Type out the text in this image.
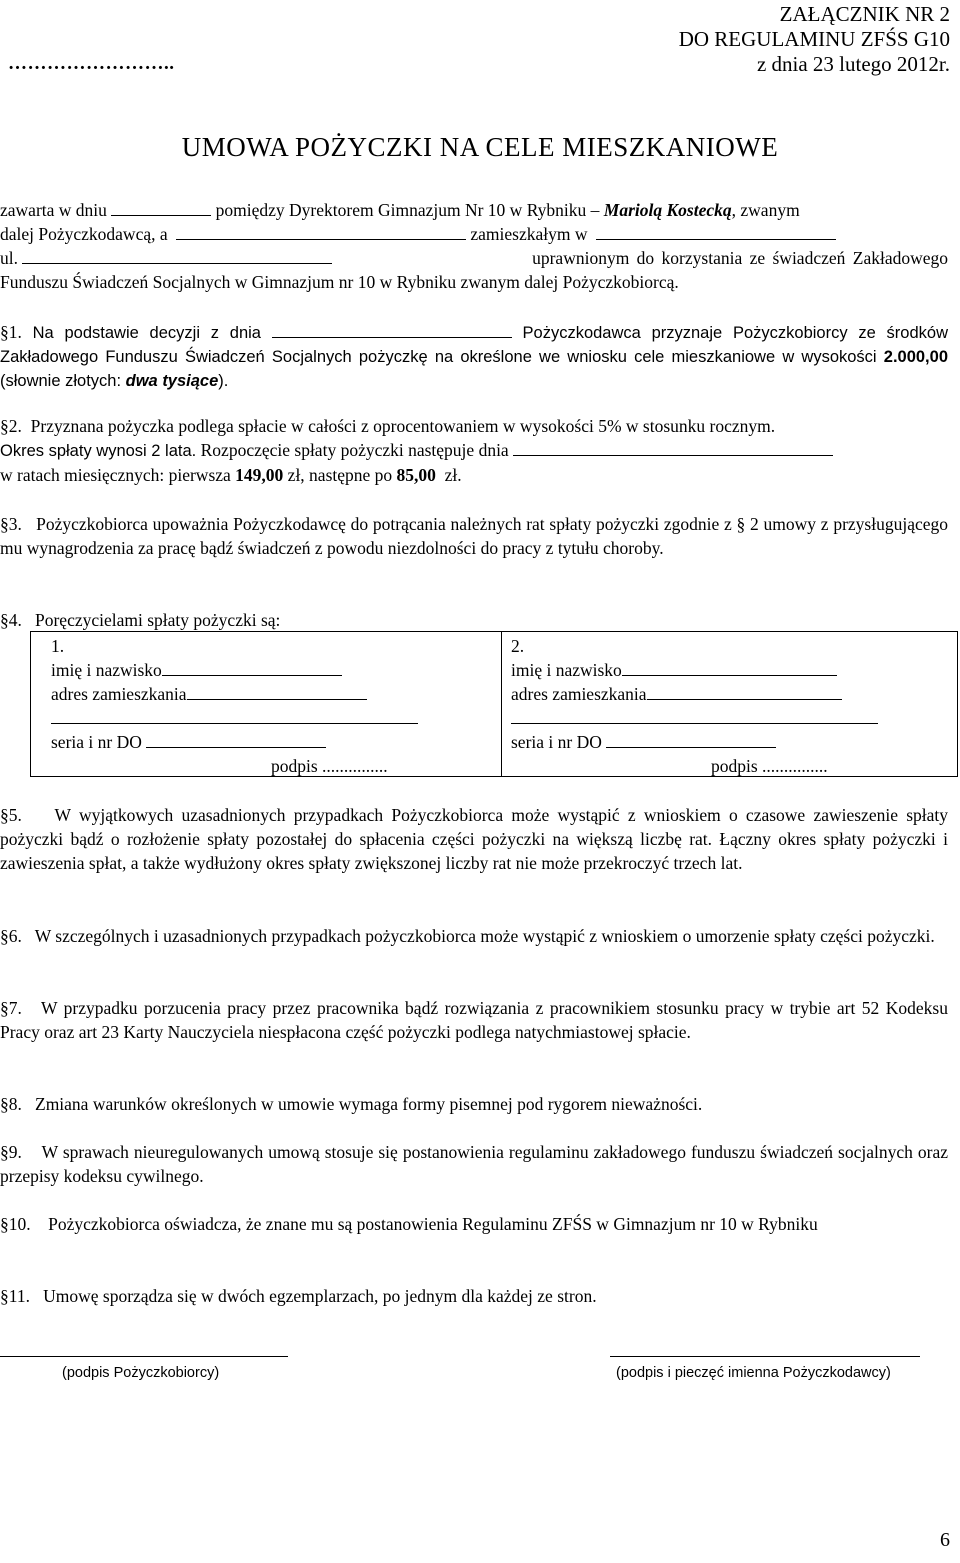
ZAŁĄCZNIK NR 2
DO REGULAMINU ZFŚS G10
z dnia 23 lutego 2012r.
……………………..
UMOWA POŻYCZKI NA CELE MIESZKANIOWE
zawarta w dniu	pomiędzy Dyrektorem Gimnazjum Nr 10 w Rybniku – Mariolą Kostecką, zwanym
dalej Pożyczkodawcą, a	zamieszkałym w
ul.	uprawnionym do korzystania ze świadczeń Zakładowego
Funduszu Świadczeń Socjalnych w Gimnazjum nr 10 w Rybniku zwanym dalej Pożyczkobiorcą.
§1. Na podstawie decyzji z dnia	Pożyczkodawca przyznaje Pożyczkobiorcy ze środków Zakładowego Funduszu Świadczeń Socjalnych pożyczkę na określone we wniosku cele mieszkaniowe w wysokości 2.000,00 (słownie złotych: dwa tysiące).
§2. Przyznana pożyczka podlega spłacie w całości z oprocentowaniem w wysokości 5% w stosunku rocznym.
Okres spłaty wynosi 2 lata. Rozpoczęcie spłaty pożyczki następuje dnia
w ratach miesięcznych: pierwsza 149,00 zł, następne po 85,00 zł.
§3. Pożyczkobiorca upoważnia Pożyczkodawcę do potrącania należnych rat spłaty pożyczki zgodnie z § 2 umowy z przysługującego mu wynagrodzenia za pracę bądź świadczeń z powodu niezdolności do pracy z tytułu choroby.
§4. Poręczycielami spłaty pożyczki są:
1.
imię i nazwisko
adres zamieszkania
seria i nr DO
podpis ...............
2.
imię i nazwisko
adres zamieszkania
seria i nr DO
podpis ...............
§5. W wyjątkowych uzasadnionych przypadkach Pożyczkobiorca może wystąpić z wnioskiem o czasowe zawieszenie spłaty pożyczki bądź o rozłożenie spłaty pozostałej do spłacenia części pożyczki na większą liczbę rat. Łączny okres spłaty pożyczki i zawieszenia spłat, a także wydłużony okres spłaty zwiększonej liczby rat nie może przekroczyć trzech lat.
§6. W szczególnych i uzasadnionych przypadkach pożyczkobiorca może wystąpić z wnioskiem o umorzenie spłaty części pożyczki.
§7. W przypadku porzucenia pracy przez pracownika bądź rozwiązania z pracownikiem stosunku pracy w trybie art 52 Kodeksu Pracy oraz art 23 Karty Nauczyciela niespłacona część pożyczki podlega natychmiastowej spłacie.
§8. Zmiana warunków określonych w umowie wymaga formy pisemnej pod rygorem nieważności.
§9. W sprawach nieuregulowanych umową stosuje się postanowienia regulaminu zakładowego funduszu świadczeń socjalnych oraz przepisy kodeksu cywilnego.
§10. Pożyczkobiorca oświadcza, że znane mu są postanowienia Regulaminu ZFŚS w Gimnazjum nr 10 w Rybniku
§11. Umowę sporządza się w dwóch egzemplarzach, po jednym dla każdej ze stron.
(podpis Pożyczkobiorcy)	(podpis i pieczęć imienna Pożyczkodawcy)
6
